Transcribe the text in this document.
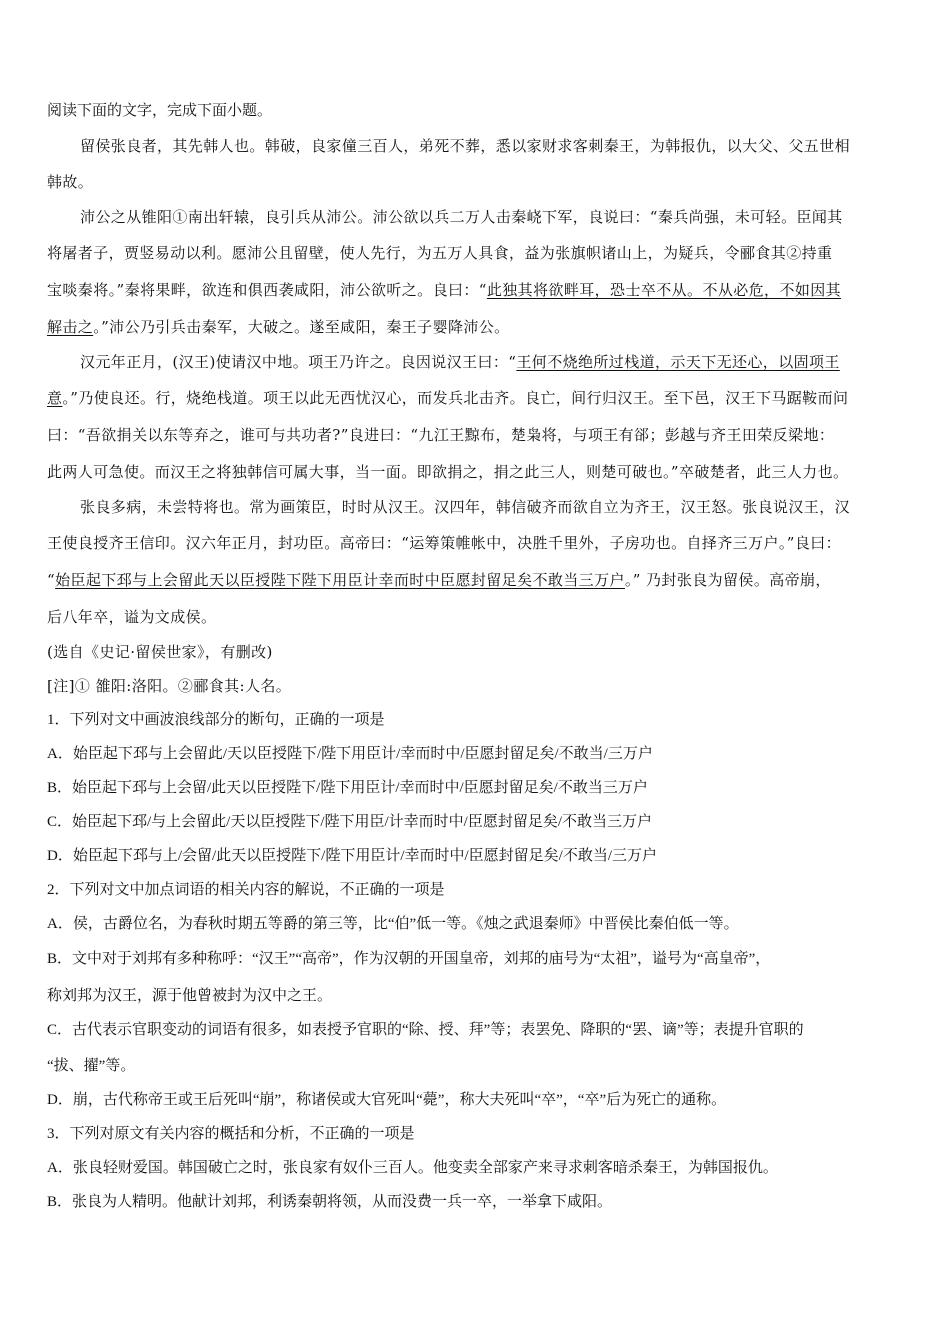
阅读下面的文字，完成下面小题。
留侯张良者，其先韩人也。韩破，良家僮三百人，弟死不葬，悉以家财求客刺秦王，为韩报仇，以大父、父五世相
韩故。
沛公之从锥阳①南出轩辕，良引兵从沛公。沛公欲以兵二万人击秦峣下军，良说曰：“秦兵尚强，未可轻。臣闻其
将屠者子，贾竖易动以利。愿沛公且留壁，使人先行，为五万人具食，益为张旗帜诸山上，为疑兵，令郦食其②持重
宝啖秦将。”秦将果畔，欲连和俱西袭咸阳，沛公欲听之。良曰：“此独其将欲畔耳，恐士卒不从。不从必危，不如因其
解击之。”沛公乃引兵击秦军，大破之。遂至咸阳，秦王子婴降沛公。
汉元年正月，(汉王)使请汉中地。项王乃许之。良因说汉王曰：“王何不烧绝所过栈道，示天下无还心，以固项王
意。”乃使良还。行，烧绝栈道。项王以此无西忧汉心，而发兵北击齐。良亡，间行归汉王。至下邑，汉王下马踞鞍而问
曰：“吾欲捐关以东等弃之，谁可与共功者?”良进曰：“九江王黥布，楚枭将，与项王有郤；彭越与齐王田荣反梁地：
此两人可急使。而汉王之将独韩信可属大事，当一面。即欲捐之，捐之此三人，则楚可破也。”卒破楚者，此三人力也。
张良多病，未尝特将也。常为画策臣，时时从汉王。汉四年，韩信破齐而欲自立为齐王，汉王怒。张良说汉王，汉
王使良授齐王信印。汉六年正月，封功臣。高帝曰：“运筹策帷帐中，决胜千里外，子房功也。自择齐三万户。”良曰：
“始臣起下邳与上会留此天以臣授陛下陛下用臣计幸而时中臣愿封留足矣不敢当三万户。” 乃封张良为留侯。高帝崩，
后八年卒，谥为文成侯。
(选自《史记·留侯世家》，有删改)
[注]① 雒阳:洛阳。②郦食其:人名。
1．下列对文中画波浪线部分的断句，正确的一项是
A．始臣起下邳与上会留此/天以臣授陛下/陛下用臣计/幸而时中/臣愿封留足矣/不敢当/三万户
B．始臣起下邳与上会留/此天以臣授陛下/陛下用臣计/幸而时中/臣愿封留足矣/不敢当三万户
C．始臣起下邳/与上会留此/天以臣授陛下/陛下用臣/计幸而时中/臣愿封留足矣/不敢当三万户
D．始臣起下邳与上/会留/此天以臣授陛下/陛下用臣计/幸而时中/臣愿封留足矣/不敢当/三万户
2．下列对文中加点词语的相关内容的解说，不正确的一项是
A．侯，古爵位名，为春秋时期五等爵的第三等，比“伯”低一等。《烛之武退秦师》中晋侯比秦伯低一等。
B．文中对于刘邦有多种称呼：“汉王”“高帝”，作为汉朝的开国皇帝，刘邦的庙号为“太祖”，谥号为“高皇帝”，
称刘邦为汉王，源于他曾被封为汉中之王。
C．古代表示官职变动的词语有很多，如表授予官职的“除、授、拜”等；表罢免、降职的“罢、谪”等；表提升官职的
“拔、擢”等。
D．崩，古代称帝王或王后死叫“崩”，称诸侯或大官死叫“薨”，称大夫死叫“卒”，“卒”后为死亡的通称。
3．下列对原文有关内容的概括和分析，不正确的一项是
A．张良轻财爱国。韩国破亡之时，张良家有奴仆三百人。他变卖全部家产来寻求刺客暗杀秦王，为韩国报仇。
B．张良为人精明。他献计刘邦，利诱秦朝将领，从而没费一兵一卒，一举拿下咸阳。
